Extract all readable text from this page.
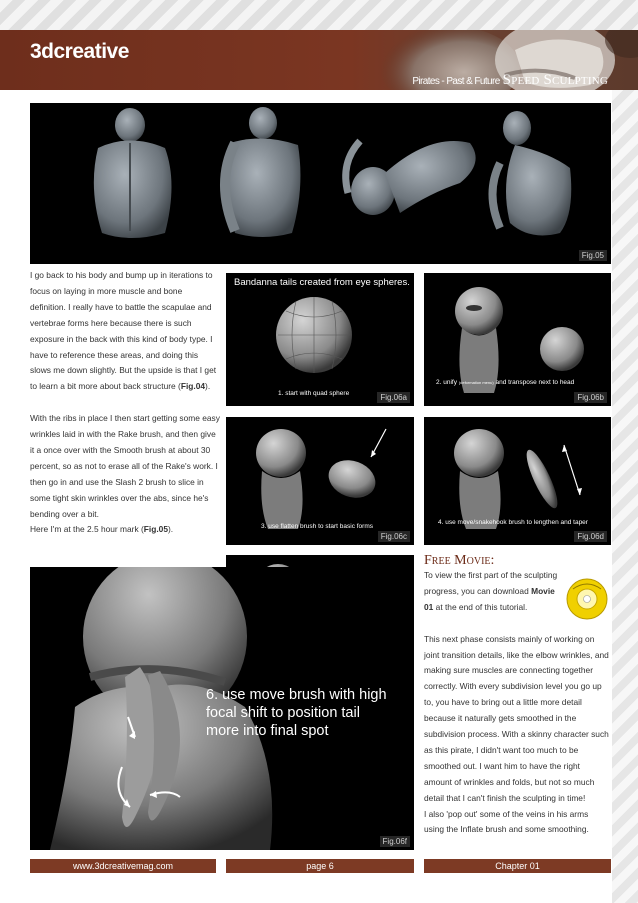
3dcreative
Pirates - Past & Future Speed Sculpting
Fig.05

I go back to his body and bump up in iterations to focus on laying in more muscle and bone definition. I really have to battle the scapulae and vertebrae forms here because there is such exposure in the back with this kind of body type. I have to reference these areas, and doing this slows me down slightly. But the upside is that I get to learn a bit more about back structure (Fig.04).

With the ribs in place I then start getting some easy wrinkles laid in with the Rake brush, and then give it a once over with the Smooth brush at about 30 percent, so as not to erase all of the Rake's work. I then go in and use the Slash 2 brush to slice in some tight skin wrinkles over the abs, since he's bending over a bit.

Here I'm at the 2.5 hour mark (Fig.05).

Bandanna tails created from eye spheres.
1. start with quad sphere	Fig.06a
2. unify (deformation menu) and transpose next to head
Fig.06b
3. use flatten brush to start basic forms
Fig.06c
4. use move/snakehook brush to lengthen and taper
Fig.06d
6. use move brush with high
focal shift to position tail
more into final spot
Fig.06f
Free Movie:

To view the first part of the sculpting progress, you can download Movie 01 at the end of this tutorial.

This next phase consists mainly of working on joint transition details, like the elbow wrinkles, and making sure muscles are connecting together correctly. With every subdivision level you go up to, you have to bring out a little more detail because it naturally gets smoothed in the subdivision process. With a skinny character such as this pirate, I didn't want too much to be smoothed out. I want him to have the right amount of wrinkles and folds, but not so much detail that I can't finish the sculpting in time!

I also 'pop out' some of the veins in his arms using the Inflate brush and some smoothing.

www.3dcreativemag.com	page 6	Chapter 01
